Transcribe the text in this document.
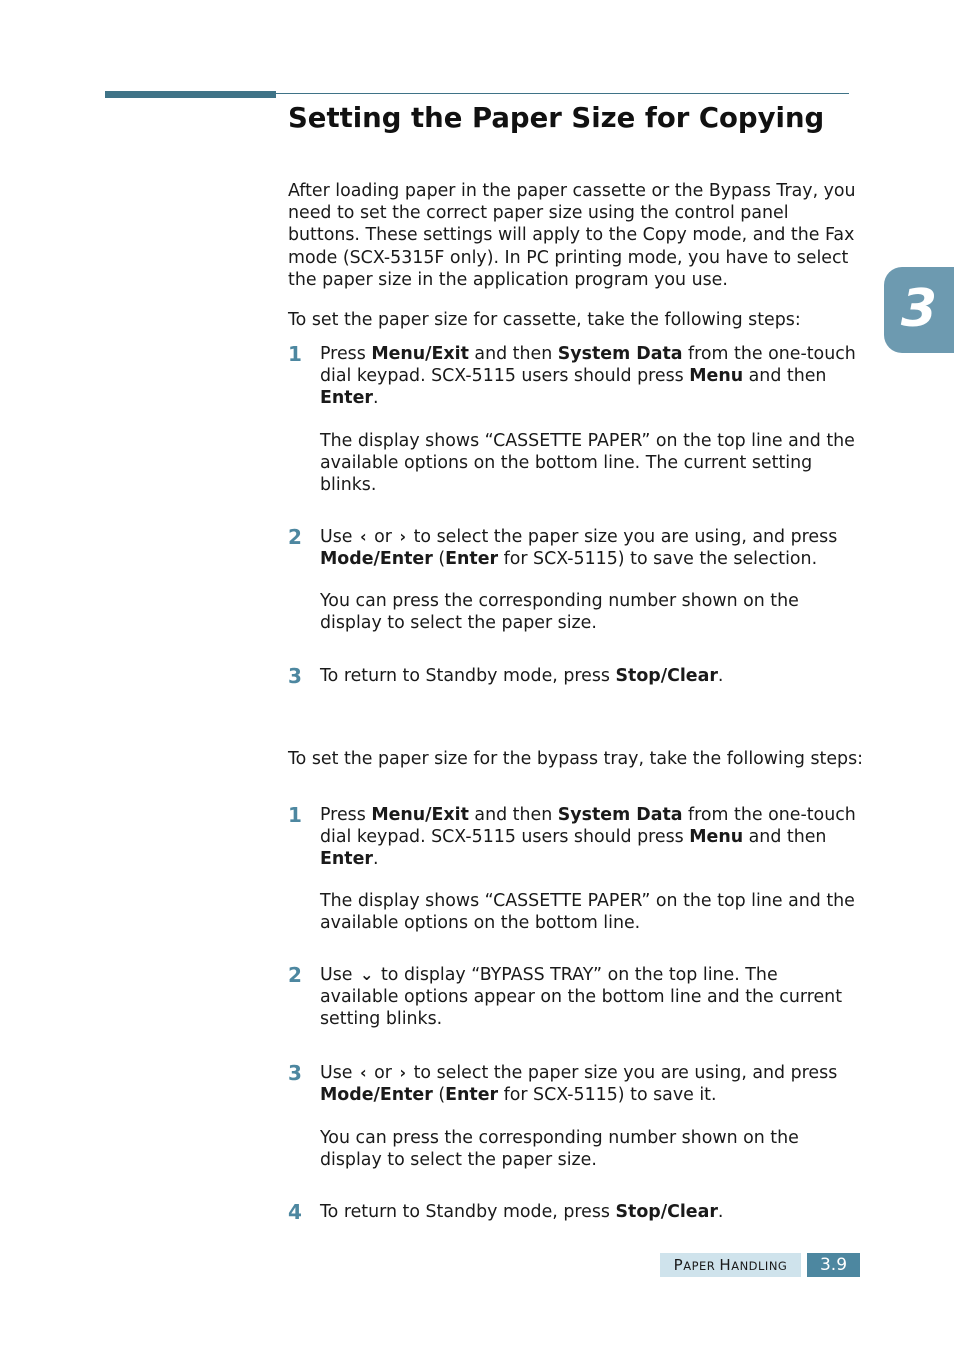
Setting the Paper Size for Copying
3

After loading paper in the paper cassette or the Bypass Tray, you need to set the correct paper size using the control panel buttons. These settings will apply to the Copy mode, and the Fax mode (SCX-5315F only). In PC printing mode, you have to select the paper size in the application program you use.

To set the paper size for cassette, take the following steps:

1 Press Menu/Exit and then System Data from the one-touch dial keypad. SCX-5115 users should press Menu and then Enter.

The display shows “CASSETTE PAPER” on the top line and the available options on the bottom line. The current setting blinks.

2 Use ‹ or › to select the paper size you are using, and press Mode/Enter (Enter for SCX-5115) to save the selection.

You can press the corresponding number shown on the display to select the paper size.

3 To return to Standby mode, press Stop/Clear.

To set the paper size for the bypass tray, take the following steps:

1 Press Menu/Exit and then System Data from the one-touch dial keypad. SCX-5115 users should press Menu and then Enter.

The display shows “CASSETTE PAPER” on the top line and the available options on the bottom line.

2 Use ⌄ to display “BYPASS TRAY” on the top line. The available options appear on the bottom line and the current setting blinks.

3 Use ‹ or › to select the paper size you are using, and press Mode/Enter (Enter for SCX-5115) to save it.

You can press the corresponding number shown on the display to select the paper size.

4 To return to Standby mode, press Stop/Clear.

PAPER HANDLING	3.9
